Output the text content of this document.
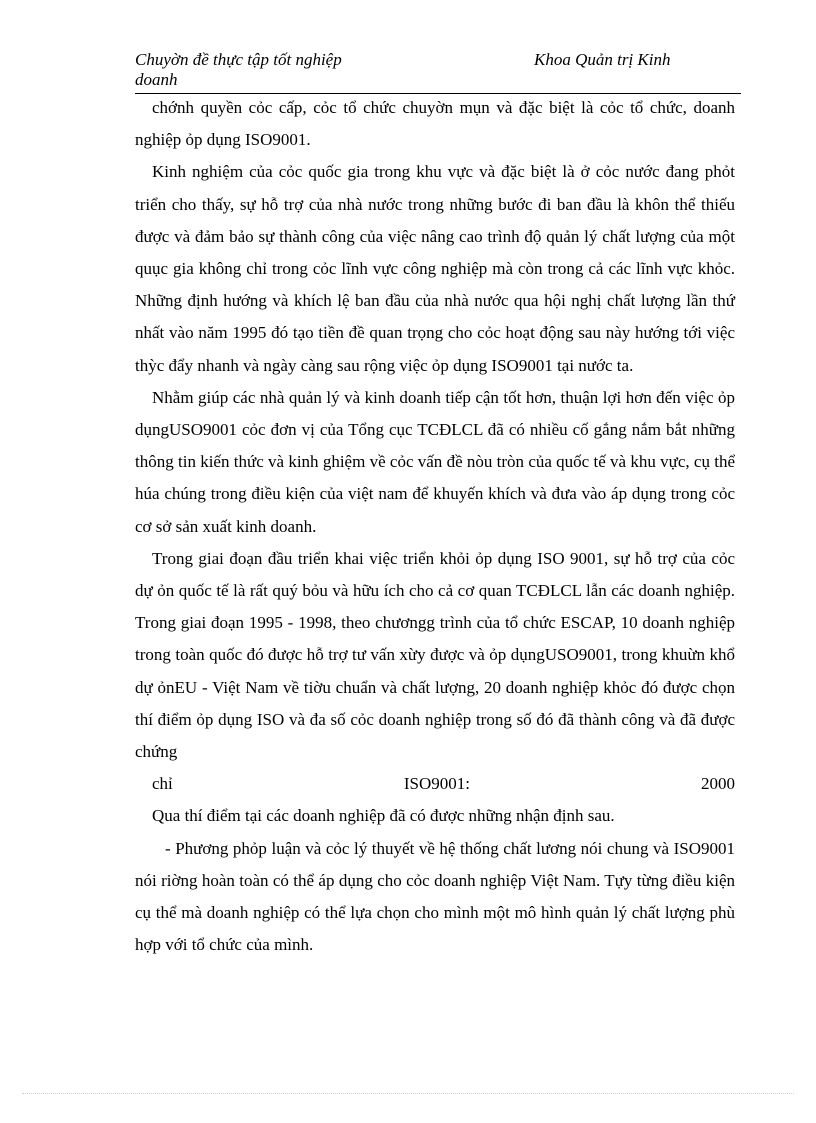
Chuyờn đề thực tập tốt nghiệp doanh
Khoa Quản trị Kinh

chớnh quyền cỏc cấp, cỏc tổ chức chuyờn mụn và đặc biệt là cỏc tổ chức, doanh nghiệp ỏp dụng ISO9001.

Kinh nghiệm của cỏc quốc gia trong khu vực và đặc biệt là ở cỏc nước đang phỏt triển cho thấy, sự hỗ trợ của nhà nước trong những bước đi ban đầu là khôn thể thiếu được và đảm bảo sự thành công của việc nâng cao trình độ quản lý chất lượng của một quục gia không chỉ trong cỏc lĩnh vực công nghiệp mà còn trong cả các lĩnh vực khỏc. Những định hướng và khích lệ ban đầu của nhà nước qua hội nghị chất lượng lần thứ nhất vào năm 1995 đó tạo tiền đề quan trọng cho cỏc hoạt động sau này hướng tới việc thỳc đẩy nhanh và ngày càng sau rộng việc ỏp dụng ISO9001 tại nước ta.

Nhằm giúp các nhà quản lý và kinh doanh tiếp cận tốt hơn, thuận lợi hơn đến việc ỏp dụngUSO9001 cỏc đơn vị của Tổng cục TCĐLCL đã có nhiều cố gắng nắm bắt những thông tin kiến thức và kinh ghiệm về cỏc vấn đề nòu tròn của quốc tế và khu vực, cụ thể húa chúng trong điều kiện của việt nam để khuyến khích và đưa vào áp dụng trong cỏc cơ sở sản xuất kinh doanh.

Trong giai đoạn đầu triển khai việc triển khỏi ỏp dụng ISO 9001, sự hỗ trợ của cỏc dự ỏn quốc tế là rất quý bỏu và hữu ích cho cả cơ quan TCĐLCL lẫn các doanh nghiệp. Trong giai đoạn 1995 - 1998, theo chươngg trình của tổ chức ESCAP, 10 doanh nghiệp trong toàn quốc đó được hỗ trợ tư vấn xừy được và ỏp dụngUSO9001, trong khuừn khổ dự ỏnEU - Việt Nam về tiờu chuẩn và chất lượng, 20 doanh nghiệp khỏc đó được chọn thí điểm ỏp dụng ISO và đa số cỏc doanh nghiệp trong số đó đã thành công và đã được chứng

chỉ ISO9001: 2000

Qua thí điểm tại các doanh nghiệp đã có được những nhận định sau.

- Phương phỏp luận và cỏc lý thuyết về hệ thống chất lương nói chung và ISO9001 nói riờng hoàn toàn có thể áp dụng cho cỏc doanh nghiệp Việt Nam. Tựy từng điều kiện cụ thể mà doanh nghiệp có thể lựa chọn cho mình một mô hình quản lý chất lượng phù hợp với tổ chức của mình.
